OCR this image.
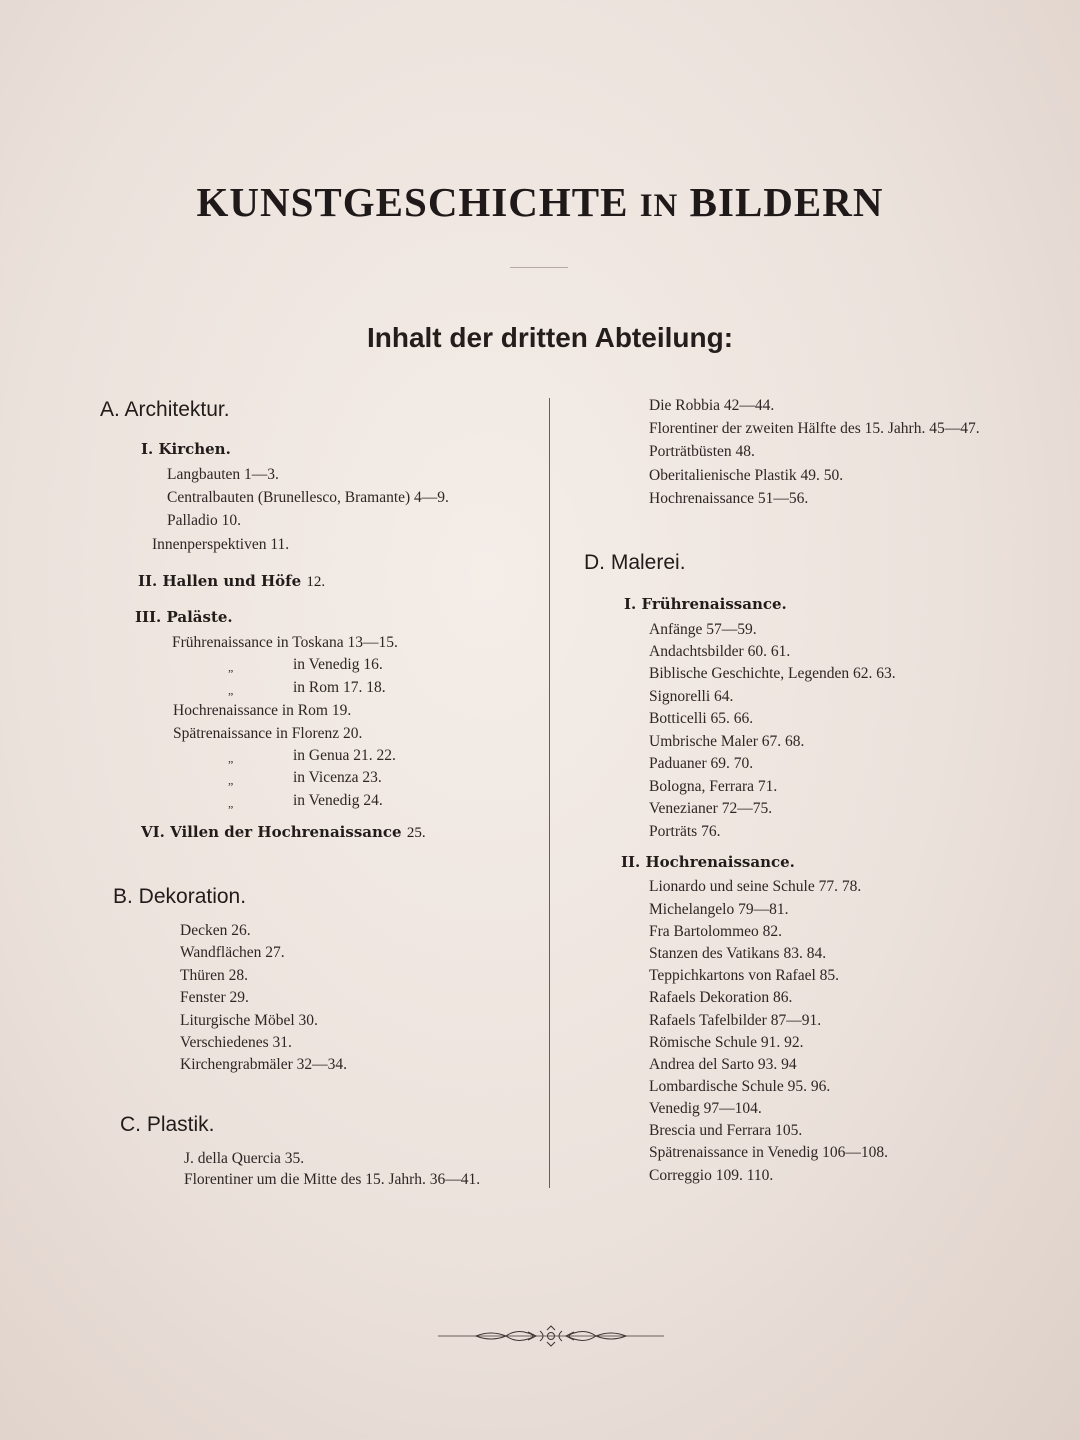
KUNSTGESCHICHTE IN BILDERN
Inhalt der dritten Abteilung:
A. Architektur.
I. Kirchen.
Langbauten 1—3.
Centralbauten (Brunellesco, Bramante) 4—9.
Palladio 10.
Innenperspektiven 11.
II. Hallen und Höfe 12.
III. Paläste.
Frührenaissance in Toskana 13—15.
„	in Venedig 16.
„	in Rom 17. 18.
Hochrenaissance in Rom 19.
Spätrenaissance in Florenz 20.
„	in Genua 21. 22.
„	in Vicenza 23.
„	in Venedig 24.
VI. Villen der Hochrenaissance 25.
B. Dekoration.
Decken 26.
Wandflächen 27.
Thüren 28.
Fenster 29.
Liturgische Möbel 30.
Verschiedenes 31.
Kirchengrabmäler 32—34.
C. Plastik.
J. della Quercia 35.
Florentiner um die Mitte des 15. Jahrh. 36—41.
Die Robbia 42—44.
Florentiner der zweiten Hälfte des 15. Jahrh. 45—47.
Porträtbüsten 48.
Oberitalienische Plastik 49. 50.
Hochrenaissance 51—56.
D. Malerei.
I. Frührenaissance.
Anfänge 57—59.
Andachtsbilder 60. 61.
Biblische Geschichte, Legenden 62. 63.
Signorelli 64.
Botticelli 65. 66.
Umbrische Maler 67. 68.
Paduaner 69. 70.
Bologna, Ferrara 71.
Venezianer 72—75.
Porträts 76.
II. Hochrenaissance.
Lionardo und seine Schule 77. 78.
Michelangelo 79—81.
Fra Bartolommeo 82.
Stanzen des Vatikans 83. 84.
Teppichkartons von Rafael 85.
Rafaels Dekoration 86.
Rafaels Tafelbilder 87—91.
Römische Schule 91. 92.
Andrea del Sarto 93. 94
Lombardische Schule 95. 96.
Venedig 97—104.
Brescia und Ferrara 105.
Spätrenaissance in Venedig 106—108.
Correggio 109. 110.
